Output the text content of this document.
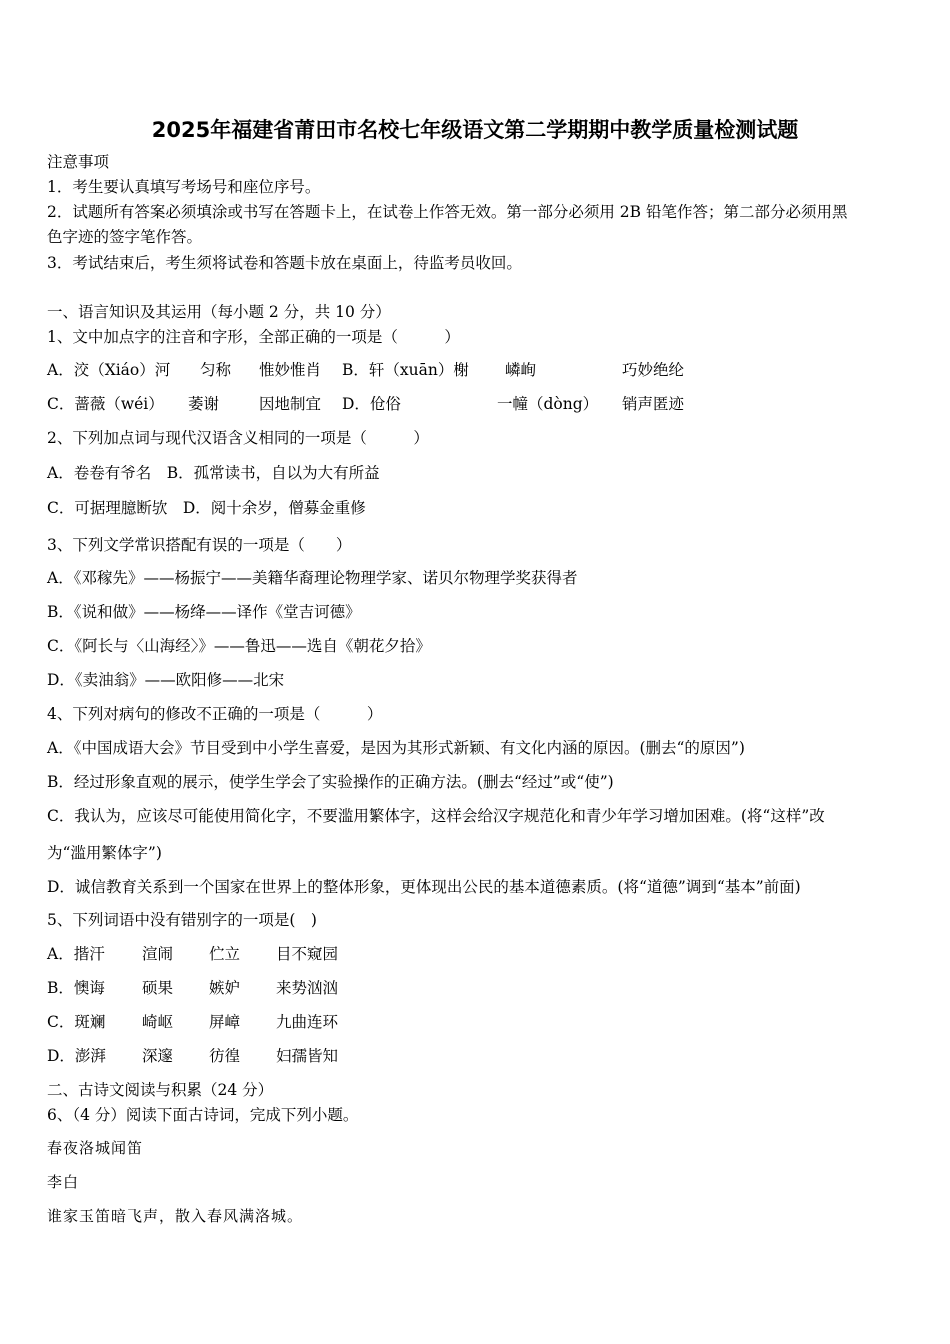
2025年福建省莆田市名校七年级语文第二学期期中教学质量检测试题
注意事项
1．考生要认真填写考场号和座位序号。
2．试题所有答案必须填涂或书写在答题卡上，在试卷上作答无效。第一部分必须用 2B 铅笔作答；第二部分必须用黑
色字迹的签字笔作答。
3．考试结束后，考生须将试卷和答题卡放在桌面上，待监考员收回。
一、语言知识及其运用（每小题 2 分，共 10 分）
1、文中加点字的注音和字形，全部正确的一项是（　　　）
A．洨（Xiáo）河 匀称 惟妙惟肖 B．轩（xuān）榭 嶙峋	巧妙绝纶
C．蔷薇（wéi） 萎谢	因地制宜 D．伧俗	一幢（dòng） 销声匿迹
2、下列加点词与现代汉语含义相同的一项是（　　　）
A．卷卷有爷名　B．孤常读书，自以为大有所益
C．可据理臆断欤　D．阅十余岁，僧募金重修
3、下列文学常识搭配有误的一项是（　　）
A．《邓稼先》——杨振宁——美籍华裔理论物理学家、诺贝尔物理学奖获得者
B．《说和做》——杨绛——译作《堂吉诃德》
C．《阿长与〈山海经〉》——鲁迅——选自《朝花夕拾》
D．《卖油翁》——欧阳修——北宋
4、下列对病句的修改不正确的一项是（　　　）
A．《中国成语大会》节目受到中小学生喜爱，是因为其形式新颖、有文化内涵的原因。(删去“的原因”)
B．经过形象直观的展示，使学生学会了实验操作的正确方法。(删去“经过”或“使”)
C．我认为，应该尽可能使用简化字，不要滥用繁体字，这样会给汉字规范化和青少年学习增加困难。(将“这样”改
为“滥用繁体字”)
D．诚信教育关系到一个国家在世界上的整体形象，更体现出公民的基本道德素质。(将“道德”调到“基本”前面)
5、下列词语中没有错别字的一项是(　)
A．揩汗 渲闹 伫立 目不窥园
B．懊诲 硕果 嫉妒 来势汹汹
C．斑斓 崎岖 屏嶂 九曲连环
D．澎湃 深邃 彷徨 妇孺皆知
二、古诗文阅读与积累（24 分）
6、（4 分）阅读下面古诗词，完成下列小题。
春夜洛城闻笛
李白
谁家玉笛暗飞声，散入春风满洛城。
